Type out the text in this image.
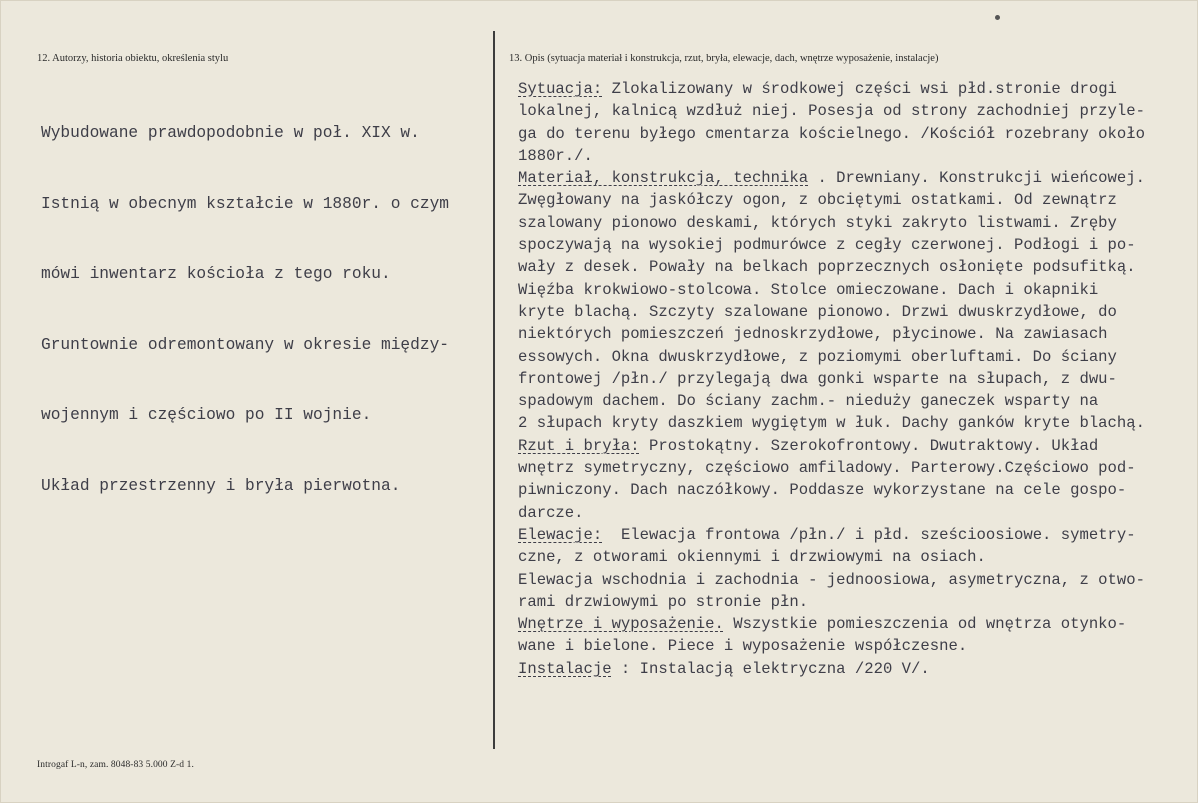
12. Autorzy, historia obiektu, określenia stylu	13. Opis (sytuacja materiał i konstrukcja, rzut, bryła, elewacje, dach, wnętrze wyposażenie, instalacje)

Wybudowane prawdopodobnie w poł. XIX w.

Istnią w obecnym kształcie w 1880r. o czym

mówi inwentarz kościoła z tego roku.

Gruntownie odremontowany w okresie między-

wojennym i częściowo po II wojnie.

Układ przestrzenny i bryła pierwotna.

Sytuacja: Zlokalizowany w środkowej części wsi płd.stronie drogi
lokalnej, kalnicą wzdłuż niej. Posesja od strony zachodniej przyle-
ga do terenu byłego cmentarza kościelnego. /Kościół rozebrany około
1880r./.
Materiał, konstrukcja, technika . Drewniany. Konstrukcji wieńcowej.
Zwęgłowany na jaskółczy ogon, z obciętymi ostatkami. Od zewnątrz
szalowany pionowo deskami, których styki zakryto listwami. Zręby
spoczywają na wysokiej podmurówce z cegły czerwonej. Podłogi i po-
wały z desek. Powały na belkach poprzecznych osłonięte podsufitką.
Więźba krokwiowo-stolcowa. Stolce omieczowane. Dach i okapniki
kryte blachą. Szczyty szalowane pionowo. Drzwi dwuskrzydłowe, do
niektórych pomieszczeń jednoskrzydłowe, płycinowe. Na zawiasach
essowych. Okna dwuskrzydłowe, z poziomymi oberluftami. Do ściany
frontowej /płn./ przylegają dwa gonki wsparte na słupach, z dwu-
spadowym dachem. Do ściany zachm.- nieduży ganeczek wsparty na
2 słupach kryty daszkiem wygiętym w łuk. Dachy ganków kryte blachą.
Rzut i bryła: Prostokątny. Szerokofrontowy. Dwutraktowy. Układ
wnętrz symetryczny, częściowo amfiladowy. Parterowy.Częściowo pod-
piwniczony. Dach naczółkowy. Poddasze wykorzystane na cele gospo-
darcze.
Elewacje:  Elewacja frontowa /płn./ i płd. sześcioosiowe. symetry-
czne, z otworami okiennymi i drzwiowymi na osiach.
Elewacja wschodnia i zachodnia - jednoosiowa, asymetryczna, z otwo-
rami drzwiowymi po stronie płn.
Wnętrze i wyposażenie. Wszystkie pomieszczenia od wnętrza otynko-
wane i bielone. Piece i wyposażenie współczesne.
Instalacje : Instalacją elektryczna /220 V/.
Introgaf L-n, zam. 8048-83 5.000 Z-d 1.
